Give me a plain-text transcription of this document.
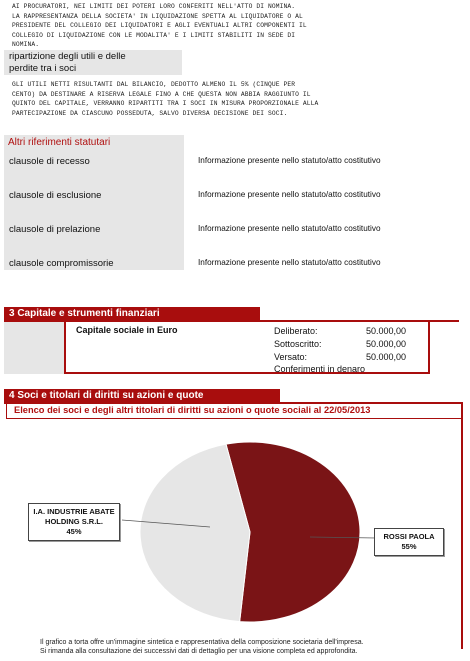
AI PROCURATORI, NEI LIMITI DEI POTERI LORO CONFERITI NELL'ATTO DI NOMINA.
LA RAPPRESENTANZA DELLA SOCIETA' IN LIQUIDAZIONE SPETTA AL LIQUIDATORE O AL
PRESIDENTE DEL COLLEGIO DEI LIQUIDATORI E AGLI EVENTUALI ALTRI COMPONENTI IL
COLLEGIO DI LIQUIDAZIONE CON LE MODALITA' E I LIMITI STABILITI IN SEDE DI
NOMINA.
ripartizione degli utili e delle
perdite tra i soci
GLI UTILI NETTI RISULTANTI DAL BILANCIO, DEDOTTO ALMENO IL 5% (CINQUE PER
CENTO) DA DESTINARE A RISERVA LEGALE FINO A CHE QUESTA NON ABBIA RAGGIUNTO IL
QUINTO DEL CAPITALE, VERRANNO RIPARTITI TRA I SOCI IN MISURA PROPORZIONALE ALLA
PARTECIPAZIONE DA CIASCUNO POSSEDUTA, SALVO DIVERSA DECISIONE DEI SOCI.
Altri riferimenti statutari
clausole di recesso	Informazione presente nello statuto/atto costitutivo
clausole di esclusione	Informazione presente nello statuto/atto costitutivo
clausole di prelazione	Informazione presente nello statuto/atto costitutivo
clausole compromissorie	Informazione presente nello statuto/atto costitutivo
3 Capitale e strumenti finanziari
Capitale sociale in Euro	Deliberato:	50.000,00
Sottoscritto:	50.000,00
Versato:	50.000,00
Conferimenti in denaro
4 Soci e titolari di diritti su azioni e quote
Elenco dei soci e degli altri titolari di diritti su azioni o quote sociali al 22/05/2013
I.A. INDUSTRIE ABATE
HOLDING S.R.L.
45%
ROSSI PAOLA
55%
Il grafico a torta offre un'immagine sintetica e rappresentativa della composizione societaria dell'impresa.
Si rimanda alla consultazione dei successivi dati di dettaglio per una visione completa ed approfondita.
